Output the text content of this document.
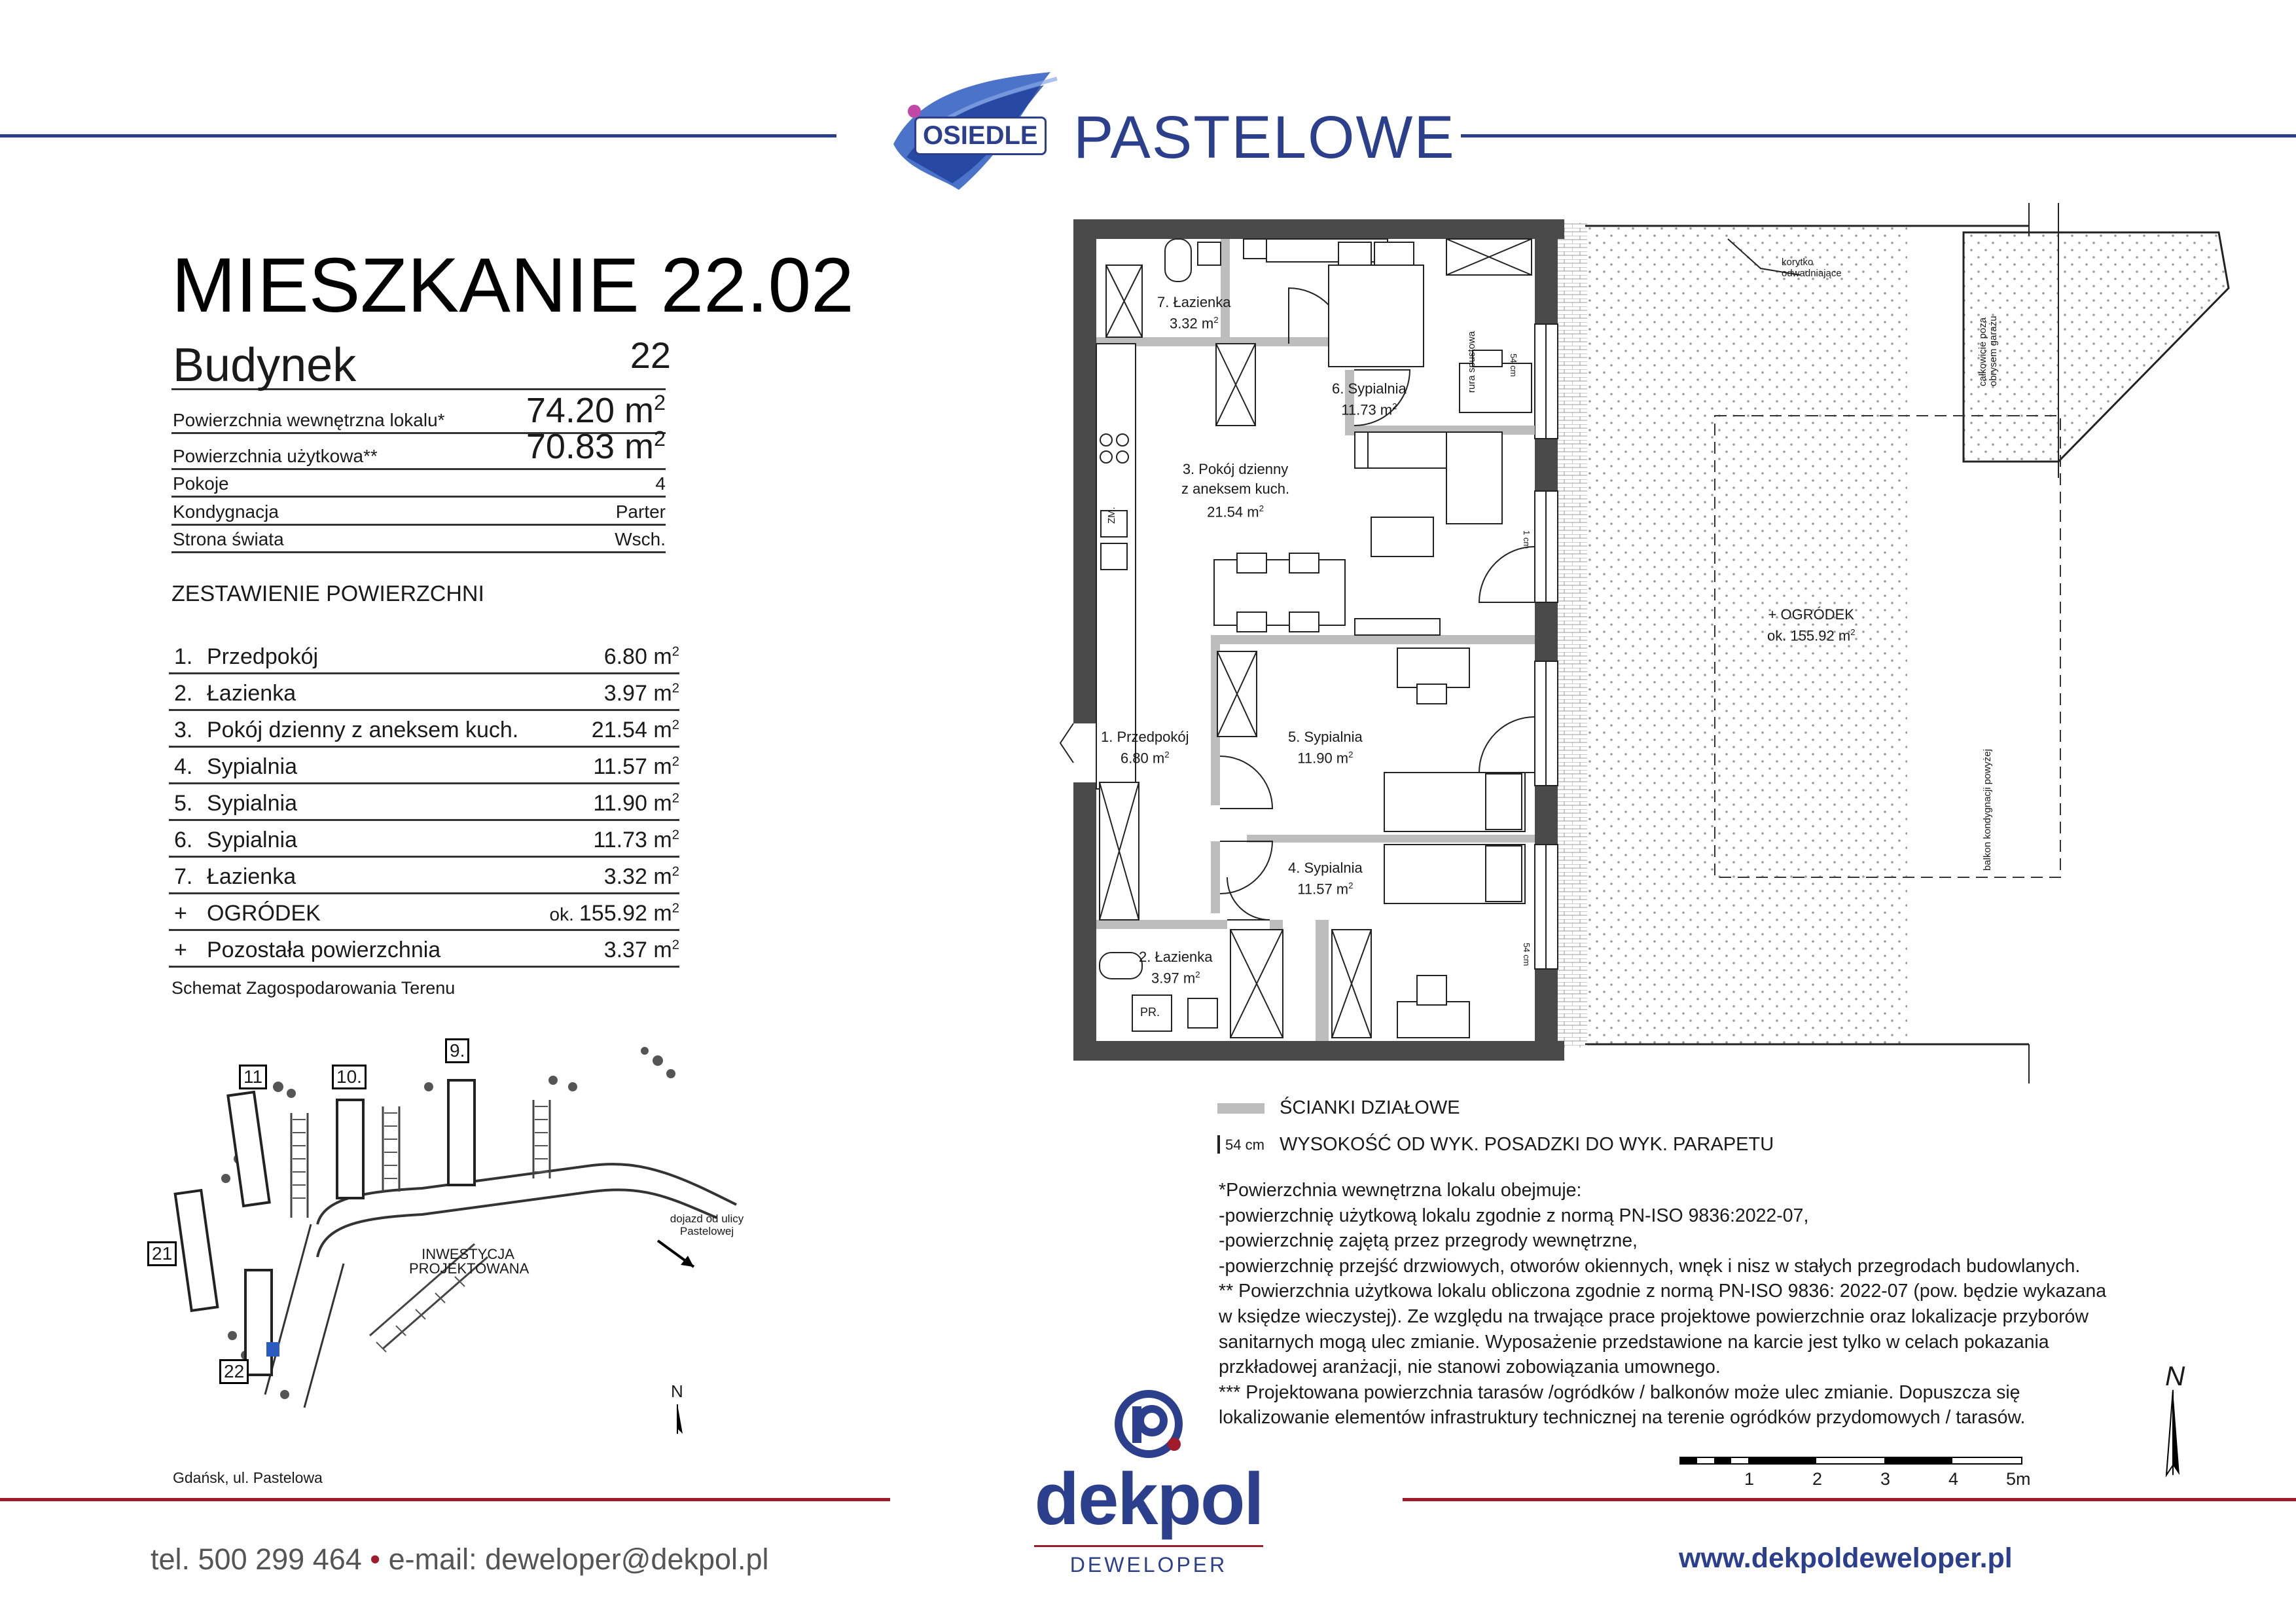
OSIEDLE PASTELOWE
MIESZKANIE 22.02
Budynek	22
Powierzchnia wewnętrzna lokalu* 74.20 $m^2$
Powierzchnia użytkowa**	70.83 $m^2$
Pokoje	4
Kondygnacja	Parter
Strona świata	Wsch.
ZESTAWIENIE POWIERZCHNI
1. Przedpokój	6.80 $m^2$
2. Łazienka	3.97 $m^2$
3. Pokój dzienny z aneksem kuch.	21.54 $m^2$
4. Sypialnia	11.57 $m^2$
5. Sypialnia	11.90 $m^2$
6. Sypialnia	11.73 $m^2$
7. Łazienka	3.32 $m^2$
+ OGRÓDEK	ok. 155.92 $m^2$
+ Pozostała powierzchnia	3.37 $m^2$
Schemat Zagospodarowania Terenu
11	10.
9.
21
22
INWESTYCJA PROJEKTOWANA
dojazd od ulicy Pastelowej
N
Gdańsk, ul. Pastelowa
7. Łazienka
3.32 $m^2$
6. Sypialnia
11.73 $m^2$
3. Pokój dzienny
z aneksem kuch.
21.54 $m^2$
1. Przedpokój
6.80 $m^2$
5. Sypialnia
11.90 $m^2$
4. Sypialnia
11.57 $m^2$
2. Łazienka
3.97 $m^2$
+ OGRÓDEK
ok. 155.92 $m^2$
korytko odwadniające
rura spustowa	całkowicie poza obrysem garażu
balkon kondygnacji powyżej
ZM.
PR.
54 cm
1 cm
54 cm
ŚCIANKI DZIAŁOWE
54 cm WYSOKOŚĆ OD WYK. POSADZKI DO WYK. PARAPETU
*Powierzchnia wewnętrzna lokalu obejmuje:
-powierzchnię użytkową lokalu zgodnie z normą PN-ISO 9836:2022-07,
-powierzchnię zajętą przez przegrody wewnętrzne,
-powierzchnię przejść drzwiowych, otworów okiennych, wnęk i nisz w stałych przegrodach budowlanych.
** Powierzchnia użytkowa lokalu obliczona zgodnie z normą PN-ISO 9836: 2022-07 (pow. będzie wykazana
w księdze wieczystej). Ze względu na trwające prace projektowe powierzchnie oraz lokalizacje przyborów
sanitarnych mogą ulec zmianie. Wyposażenie przedstawione na karcie jest tylko w celach pokazania
przkładowej aranżacji, nie stanowi zobowiązania umownego.
*** Projektowana powierzchnia tarasów /ogródków / balkonów może ulec zmianie. Dopuszcza się
lokalizowanie elementów infrastruktury technicznej na terenie ogródków przydomowych / tarasów.
N
1	2	3	4	5m
tel. 500 299 464 • e-mail: deweloper@dekpol.pl
dekpol
DEWELOPER	www.dekpoldeweloper.pl
